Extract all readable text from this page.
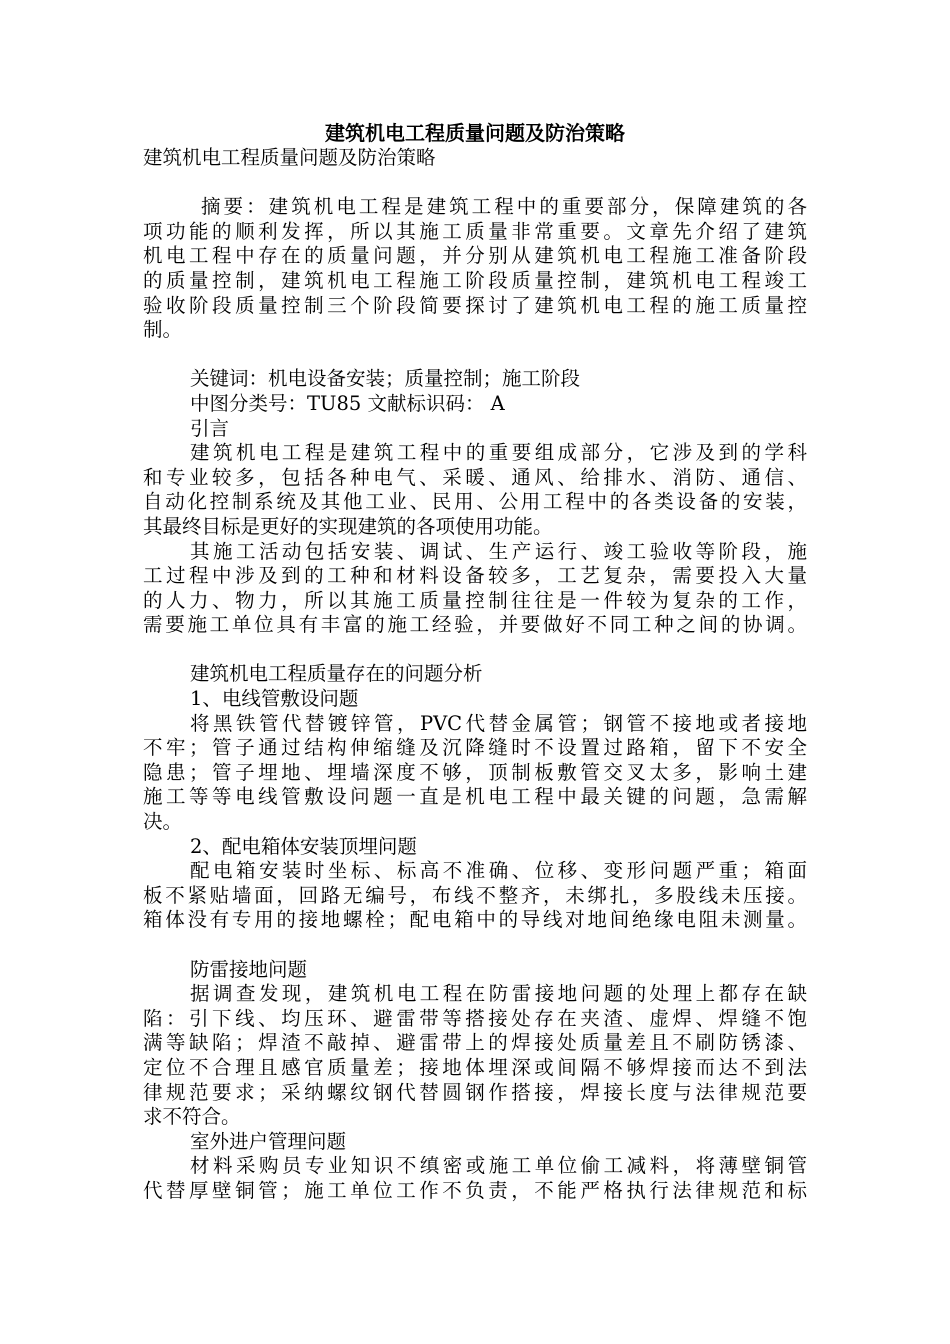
建筑机电工程质量问题及防治策略

建筑机电工程质量问题及防治策略

摘要：建筑机电工程是建筑工程中的重要部分，保障建筑的各

项功能的顺利发挥，所以其施工质量非常重要。文章先介绍了建筑

机电工程中存在的质量问题，并分别从建筑机电工程施工准备阶段

的质量控制，建筑机电工程施工阶段质量控制，建筑机电工程竣工

验收阶段质量控制三个阶段简要探讨了建筑机电工程的施工质量控

制。

关键词：机电设备安装；质量控制；施工阶段

中图分类号：TU85 文献标识码： A

引言

建筑机电工程是建筑工程中的重要组成部分，它涉及到的学科

和专业较多，包括各种电气、采暖、通风、给排水、消防、通信、

自动化控制系统及其他工业、民用、公用工程中的各类设备的安装，

其最终目标是更好的实现建筑的各项使用功能。

其施工活动包括安装、调试、生产运行、竣工验收等阶段，施

工过程中涉及到的工种和材料设备较多，工艺复杂，需要投入大量

的人力、物力，所以其施工质量控制往往是一件较为复杂的工作，

需要施工单位具有丰富的施工经验，并要做好不同工种之间的协调。

建筑机电工程质量存在的问题分析

1、电线管敷设问题

将黑铁管代替镀锌管，PVC代替金属管；钢管不接地或者接地

不牢；管子通过结构伸缩缝及沉降缝时不设置过路箱，留下不安全

隐患；管子埋地、埋墙深度不够，顶制板敷管交叉太多，影响土建

施工等等电线管敷设问题一直是机电工程中最关键的问题，急需解

决。

2、配电箱体安装顶埋问题

配电箱安装时坐标、标高不准确、位移、变形问题严重；箱面

板不紧贴墙面，回路无编号，布线不整齐，未绑扎，多股线未压接。

箱体没有专用的接地螺栓；配电箱中的导线对地间绝缘电阻未测量。

防雷接地问题

据调查发现，建筑机电工程在防雷接地问题的处理上都存在缺

陷：引下线、均压环、避雷带等搭接处存在夹渣、虚焊、焊缝不饱

满等缺陷；焊渣不敲掉、避雷带上的焊接处质量差且不刷防锈漆、

定位不合理且感官质量差；接地体埋深或间隔不够焊接而达不到法

律规范要求；采纳螺纹钢代替圆钢作搭接，焊接长度与法律规范要

求不符合。

室外进户管理问题

材料采购员专业知识不缜密或施工单位偷工减料，将薄壁铜管

代替厚壁铜管；施工单位工作不负责，不能严格执行法律规范和标
